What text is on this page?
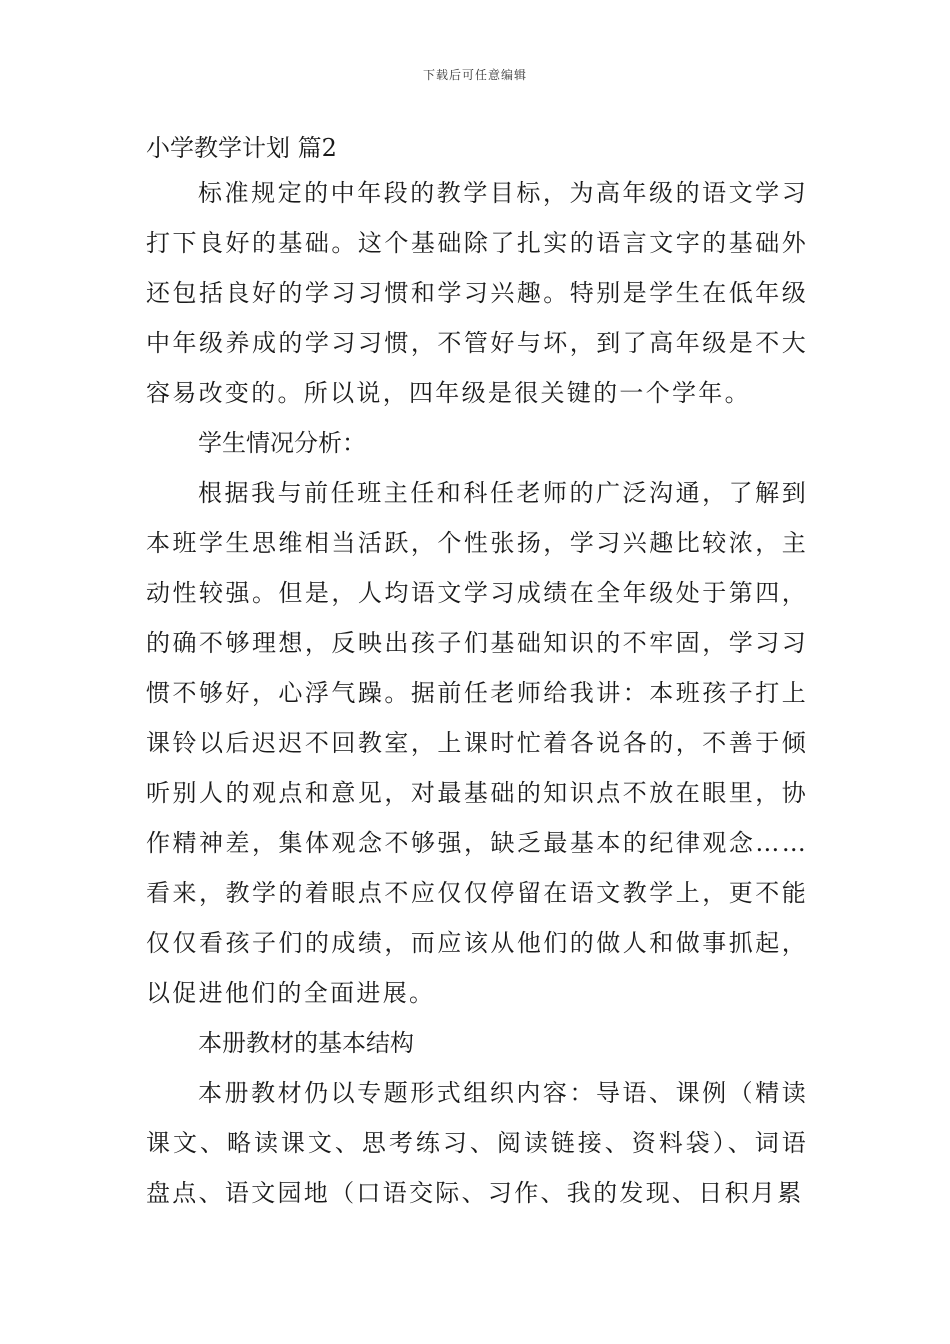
下载后可任意编辑
小学教学计划 篇2

标准规定的中年段的教学目标，为高年级的语文学习打下良好的基础。这个基础除了扎实的语言文字的基础外还包括良好的学习习惯和学习兴趣。特别是学生在低年级中年级养成的学习习惯，不管好与坏，到了高年级是不大容易改变的。所以说，四年级是很关键的一个学年。

学生情况分析：

根据我与前任班主任和科任老师的广泛沟通，了解到本班学生思维相当活跃，个性张扬，学习兴趣比较浓，主动性较强。但是，人均语文学习成绩在全年级处于第四，的确不够理想，反映出孩子们基础知识的不牢固，学习习惯不够好，心浮气躁。据前任老师给我讲：本班孩子打上课铃以后迟迟不回教室，上课时忙着各说各的，不善于倾听别人的观点和意见，对最基础的知识点不放在眼里，协作精神差，集体观念不够强，缺乏最基本的纪律观念……看来，教学的着眼点不应仅仅停留在语文教学上，更不能仅仅看孩子们的成绩，而应该从他们的做人和做事抓起，以促进他们的全面进展。

本册教材的基本结构

本册教材仍以专题形式组织内容：导语、课例（精读课文、略读课文、思考练习、阅读链接、资料袋）、词语盘点、语文园地（口语交际、习作、我的发现、日积月累
